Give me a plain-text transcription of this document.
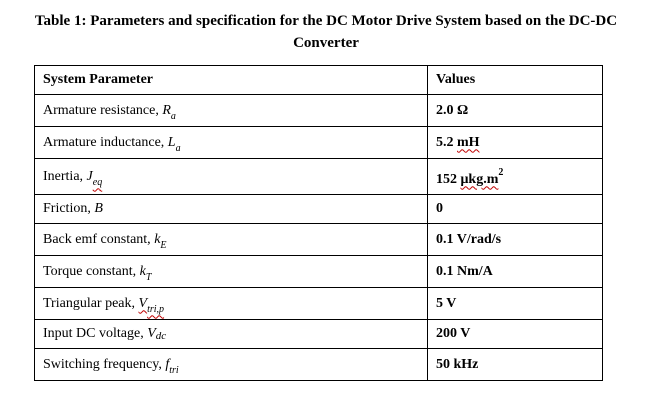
Table 1: Parameters and specification for the DC Motor Drive System based on the DC-DC
Converter
System Parameter	Values
Armature resistance, $R_a$	2.0 Ω
Armature inductance, $L_a$	5.2 mH
Inertia, $J_{eq}$	152 $\mu kg.m^2$
Friction, B	0
Back emf constant, $k_E$	0.1 V/rad/s
Torque constant, $k_T$	0.1 Nm/A
Triangular peak, $V_{tri,p}$	5 V
Input DC voltage, $V_{dc}$	200 V
Switching frequency, $f_{tri}$	50 kHz
